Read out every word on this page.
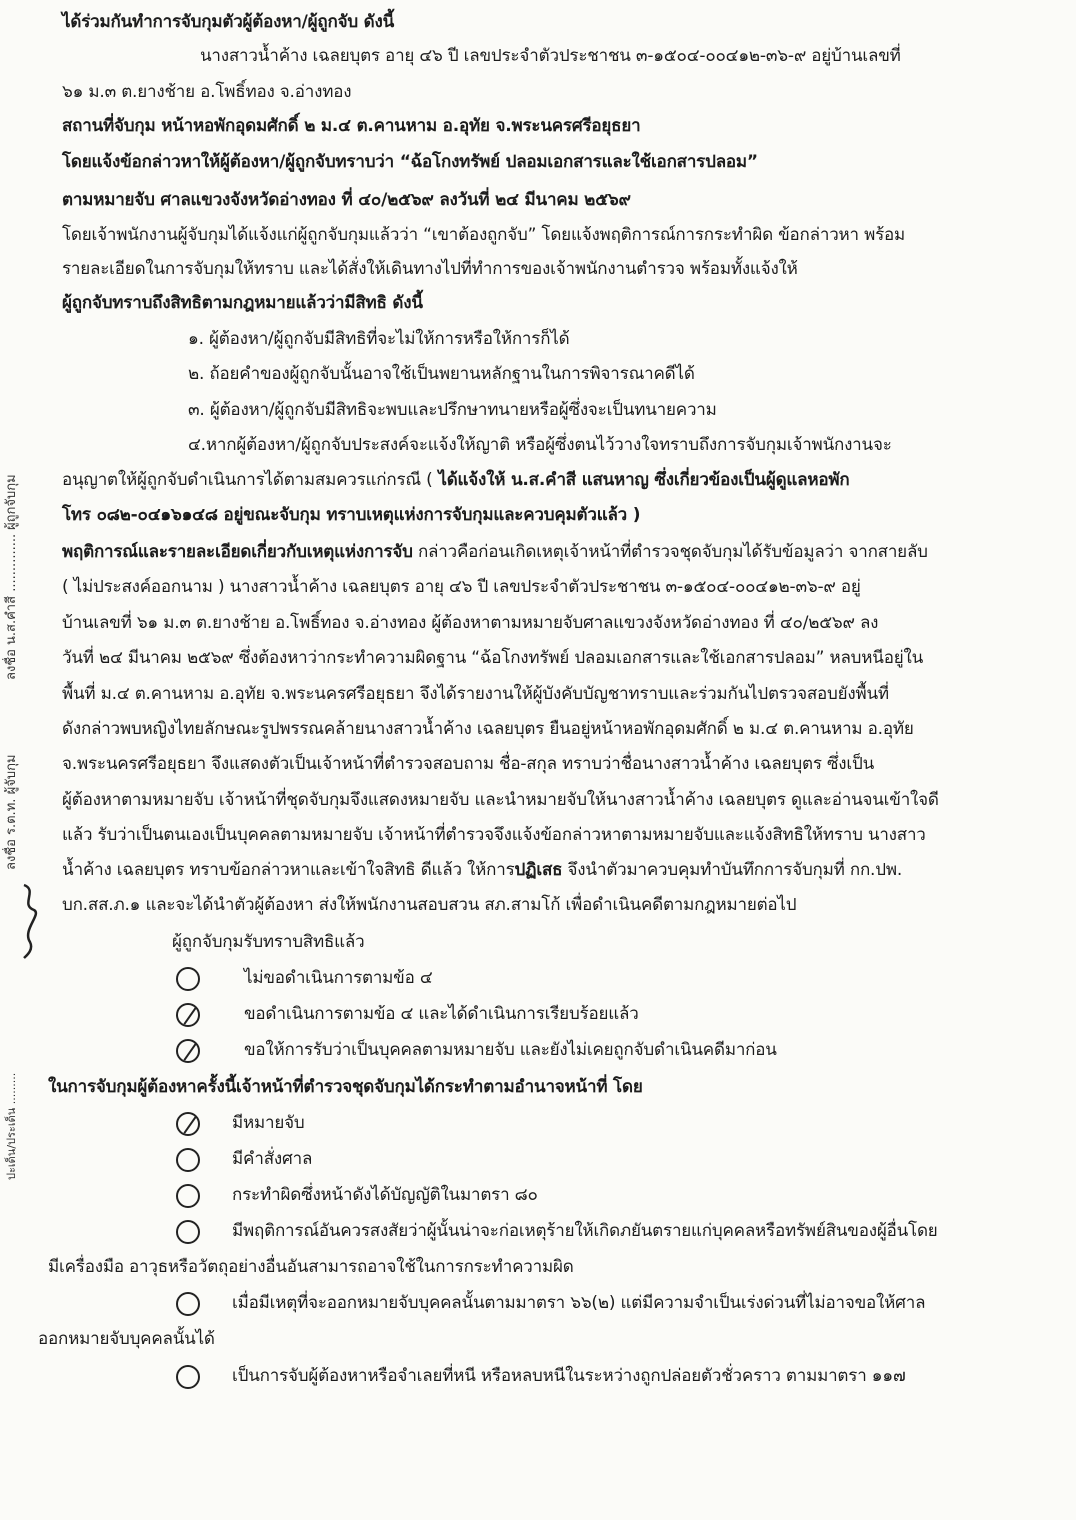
ลงชื่อ น.ส.คำสี .............. ผู้ถูกจับกุม
ลงชื่อ ร.ต.ท. ผู้จับกุม
ปะเด็น/ประเด็น .........
ได้ร่วมกันทำการจับกุมตัวผู้ต้องหา/ผู้ถูกจับ ดังนี้
นางสาวน้ำค้าง เฉลยบุตร อายุ ๔๖ ปี เลขประจำตัวประชาชน ๓-๑๕๐๔-๐๐๔๑๒-๓๖-๙ อยู่บ้านเลขที่
๖๑ ม.๓ ต.ยางช้าย อ.โพธิ์ทอง จ.อ่างทอง
สถานที่จับกุม หน้าหอพักอุดมศักดิ์ ๒ ม.๔ ต.คานหาม อ.อุทัย จ.พระนครศรีอยุธยา
โดยแจ้งข้อกล่าวหาให้ผู้ต้องหา/ผู้ถูกจับทราบว่า “ฉ้อโกงทรัพย์ ปลอมเอกสารและใช้เอกสารปลอม”
ตามหมายจับ ศาลแขวงจังหวัดอ่างทอง ที่ ๔๐/๒๕๖๙ ลงวันที่ ๒๔ มีนาคม ๒๕๖๙
โดยเจ้าพนักงานผู้จับกุมได้แจ้งแก่ผู้ถูกจับกุมแล้วว่า “เขาต้องถูกจับ” โดยแจ้งพฤติการณ์การกระทำผิด ข้อกล่าวหา พร้อม
รายละเอียดในการจับกุมให้ทราบ และได้สั่งให้เดินทางไปที่ทำการของเจ้าพนักงานตำรวจ พร้อมทั้งแจ้งให้
ผู้ถูกจับทราบถึงสิทธิตามกฎหมายแล้วว่ามีสิทธิ ดังนี้
๑. ผู้ต้องหา/ผู้ถูกจับมีสิทธิที่จะไม่ให้การหรือให้การก็ได้
๒. ถ้อยคำของผู้ถูกจับนั้นอาจใช้เป็นพยานหลักฐานในการพิจารณาคดีได้
๓. ผู้ต้องหา/ผู้ถูกจับมีสิทธิจะพบและปรึกษาทนายหรือผู้ซึ่งจะเป็นทนายความ
๔.หากผู้ต้องหา/ผู้ถูกจับประสงค์จะแจ้งให้ญาติ หรือผู้ซึ่งตนไว้วางใจทราบถึงการจับกุมเจ้าพนักงานจะ
อนุญาตให้ผู้ถูกจับดำเนินการได้ตามสมควรแก่กรณี ( ได้แจ้งให้ น.ส.คำสี แสนหาญ ซึ่งเกี่ยวข้องเป็นผู้ดูแลหอพัก
โทร ๐๘๒-๐๔๑๖๑๔๘ อยู่ขณะจับกุม ทราบเหตุแห่งการจับกุมและควบคุมตัวแล้ว )
พฤติการณ์และรายละเอียดเกี่ยวกับเหตุแห่งการจับ กล่าวคือก่อนเกิดเหตุเจ้าหน้าที่ตำรวจชุดจับกุมได้รับข้อมูลว่า จากสายลับ
( ไม่ประสงค์ออกนาม ) นางสาวน้ำค้าง เฉลยบุตร อายุ ๔๖ ปี เลขประจำตัวประชาชน ๓-๑๕๐๔-๐๐๔๑๒-๓๖-๙ อยู่
บ้านเลขที่ ๖๑ ม.๓ ต.ยางช้าย อ.โพธิ์ทอง จ.อ่างทอง ผู้ต้องหาตามหมายจับศาลแขวงจังหวัดอ่างทอง ที่ ๔๐/๒๕๖๙ ลง
วันที่ ๒๔ มีนาคม ๒๕๖๙ ซึ่งต้องหาว่ากระทำความผิดฐาน “ฉ้อโกงทรัพย์ ปลอมเอกสารและใช้เอกสารปลอม” หลบหนีอยู่ใน
พื้นที่ ม.๔ ต.คานหาม อ.อุทัย จ.พระนครศรีอยุธยา จึงได้รายงานให้ผู้บังคับบัญชาทราบและร่วมกันไปตรวจสอบยังพื้นที่
ดังกล่าวพบหญิงไทยลักษณะรูปพรรณคล้ายนางสาวน้ำค้าง เฉลยบุตร ยืนอยู่หน้าหอพักอุดมศักดิ์ ๒ ม.๔ ต.คานหาม อ.อุทัย
จ.พระนครศรีอยุธยา จึงแสดงตัวเป็นเจ้าหน้าที่ตำรวจสอบถาม ชื่อ-สกุล ทราบว่าชื่อนางสาวน้ำค้าง เฉลยบุตร ซึ่งเป็น
ผู้ต้องหาตามหมายจับ เจ้าหน้าที่ชุดจับกุมจึงแสดงหมายจับ และนำหมายจับให้นางสาวน้ำค้าง เฉลยบุตร ดูและอ่านจนเข้าใจดี
แล้ว รับว่าเป็นตนเองเป็นบุคคลตามหมายจับ เจ้าหน้าที่ตำรวจจึงแจ้งข้อกล่าวหาตามหมายจับและแจ้งสิทธิให้ทราบ นางสาว
น้ำค้าง เฉลยบุตร ทราบข้อกล่าวหาและเข้าใจสิทธิ ดีแล้ว ให้การปฏิเสธ จึงนำตัวมาควบคุมทำบันทึกการจับกุมที่ กก.ปพ.
บก.สส.ภ.๑ และจะได้นำตัวผู้ต้องหา ส่งให้พนักงานสอบสวน สภ.สามโก้ เพื่อดำเนินคดีตามกฎหมายต่อไป
ผู้ถูกจับกุมรับทราบสิทธิแล้ว
ไม่ขอดำเนินการตามข้อ ๔
ขอดำเนินการตามข้อ ๔ และได้ดำเนินการเรียบร้อยแล้ว
ขอให้การรับว่าเป็นบุคคลตามหมายจับ และยังไม่เคยถูกจับดำเนินคดีมาก่อน
ในการจับกุมผู้ต้องหาครั้งนี้เจ้าหน้าที่ตำรวจชุดจับกุมได้กระทำตามอำนาจหน้าที่ โดย
มีหมายจับ
มีคำสั่งศาล
กระทำผิดซึ่งหน้าดังได้บัญญัติในมาตรา ๘๐
มีพฤติการณ์อันควรสงสัยว่าผู้นั้นน่าจะก่อเหตุร้ายให้เกิดภยันตรายแก่บุคคลหรือทรัพย์สินของผู้อื่นโดย
มีเครื่องมือ อาวุธหรือวัตถุอย่างอื่นอันสามารถอาจใช้ในการกระทำความผิด
เมื่อมีเหตุที่จะออกหมายจับบุคคลนั้นตามมาตรา ๖๖(๒) แต่มีความจำเป็นเร่งด่วนที่ไม่อาจขอให้ศาล
ออกหมายจับบุคคลนั้นได้
เป็นการจับผู้ต้องหาหรือจำเลยที่หนี หรือหลบหนีในระหว่างถูกปล่อยตัวชั่วคราว ตามมาตรา ๑๑๗
